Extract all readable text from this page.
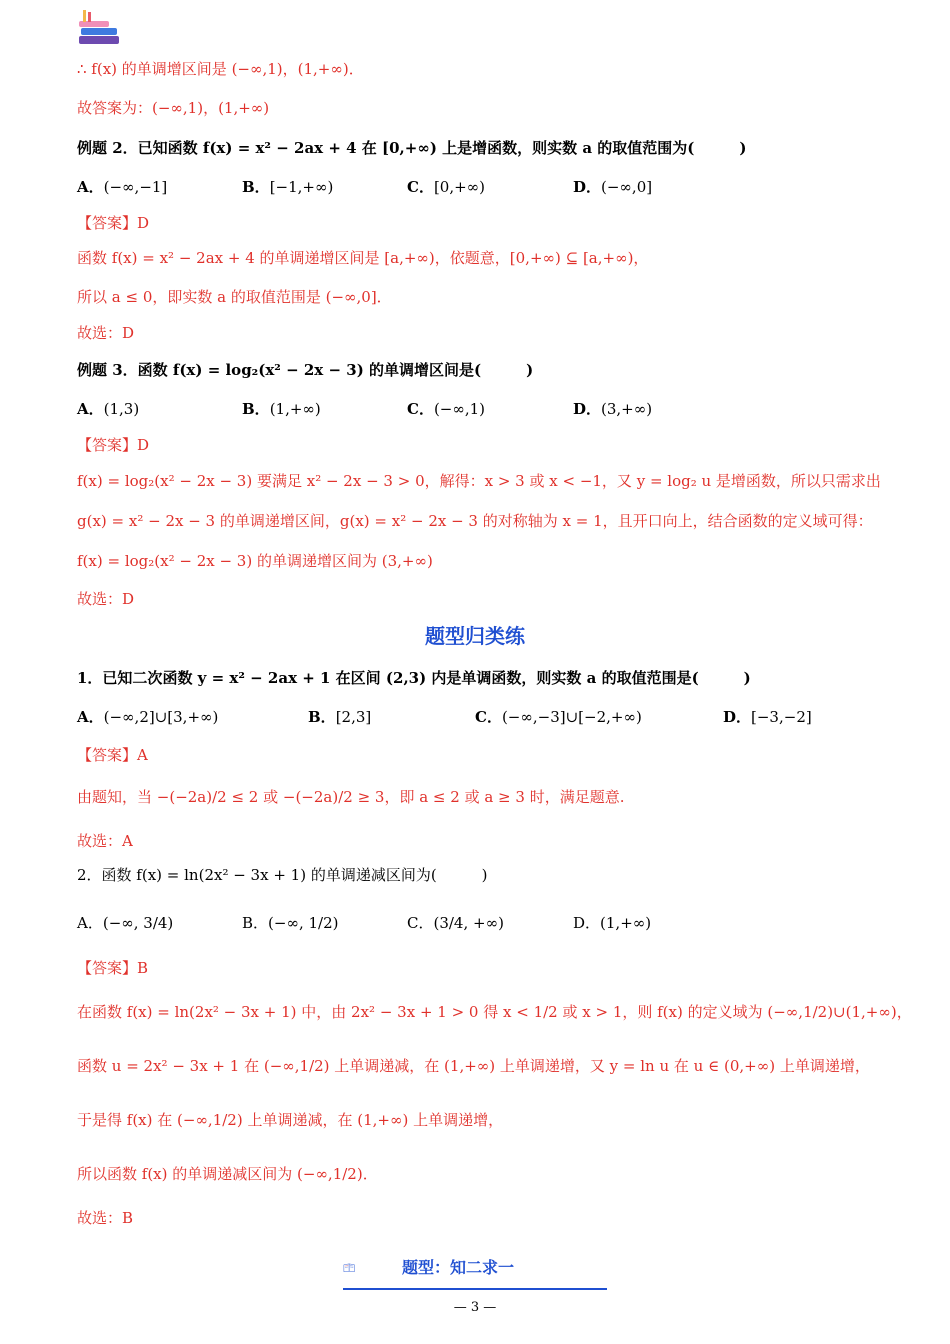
∴ f(x) 的单调增区间是 (−∞,1)，(1,+∞)．
故答案为：(−∞,1)，(1,+∞)
例题 2．已知函数 f(x) = x² − 2ax + 4 在 [0,+∞) 上是增函数，则实数 a 的取值范围为(　　　)
A．(−∞,−1]	B．[−1,+∞)	C．[0,+∞)	D．(−∞,0]
【答案】D
函数 f(x) = x² − 2ax + 4 的单调递增区间是 [a,+∞)，依题意，[0,+∞) ⊆ [a,+∞)，
所以 a ≤ 0，即实数 a 的取值范围是 (−∞,0]．
故选：D
例题 3．函数 f(x) = log₂(x² − 2x − 3) 的单调增区间是(　　　)
A．(1,3)	B．(1,+∞)	C．(−∞,1)	D．(3,+∞)
【答案】D
f(x) = log₂(x² − 2x − 3) 要满足 x² − 2x − 3 > 0，解得：x > 3 或 x < −1，又 y = log₂ u 是增函数，所以只需求出
g(x) = x² − 2x − 3 的单调递增区间，g(x) = x² − 2x − 3 的对称轴为 x = 1，且开口向上，结合函数的定义域可得：
f(x) = log₂(x² − 2x − 3) 的单调递增区间为 (3,+∞)
故选：D
题型归类练
1．已知二次函数 y = x² − 2ax + 1 在区间 (2,3) 内是单调函数，则实数 a 的取值范围是(　　　)
A．(−∞,2]∪[3,+∞)	B．[2,3]	C．(−∞,−3]∪[−2,+∞)	D．[−3,−2]
【答案】A
由题知，当 −(−2a)/2 ≤ 2 或 −(−2a)/2 ≥ 3，即 a ≤ 2 或 a ≥ 3 时，满足题意.
故选：A
2．函数 f(x) = ln(2x² − 3x + 1) 的单调递减区间为(　　　)
A．(−∞, 3/4)	B．(−∞, 1/2)	C．(3/4, +∞)	D．(1,+∞)
【答案】B
在函数 f(x) = ln(2x² − 3x + 1) 中，由 2x² − 3x + 1 > 0 得 x < 1/2 或 x > 1，则 f(x) 的定义域为 (−∞,1/2)∪(1,+∞)，
函数 u = 2x² − 3x + 1 在 (−∞,1/2) 上单调递减，在 (1,+∞) 上单调递增，又 y = ln u 在 u ∈ (0,+∞) 上单调递增，
于是得 f(x) 在 (−∞,1/2) 上单调递减，在 (1,+∞) 上单调递增，
所以函数 f(x) 的单调递减区间为 (−∞,1/2)．
故选：B
题型：知二求一
— 3 —
